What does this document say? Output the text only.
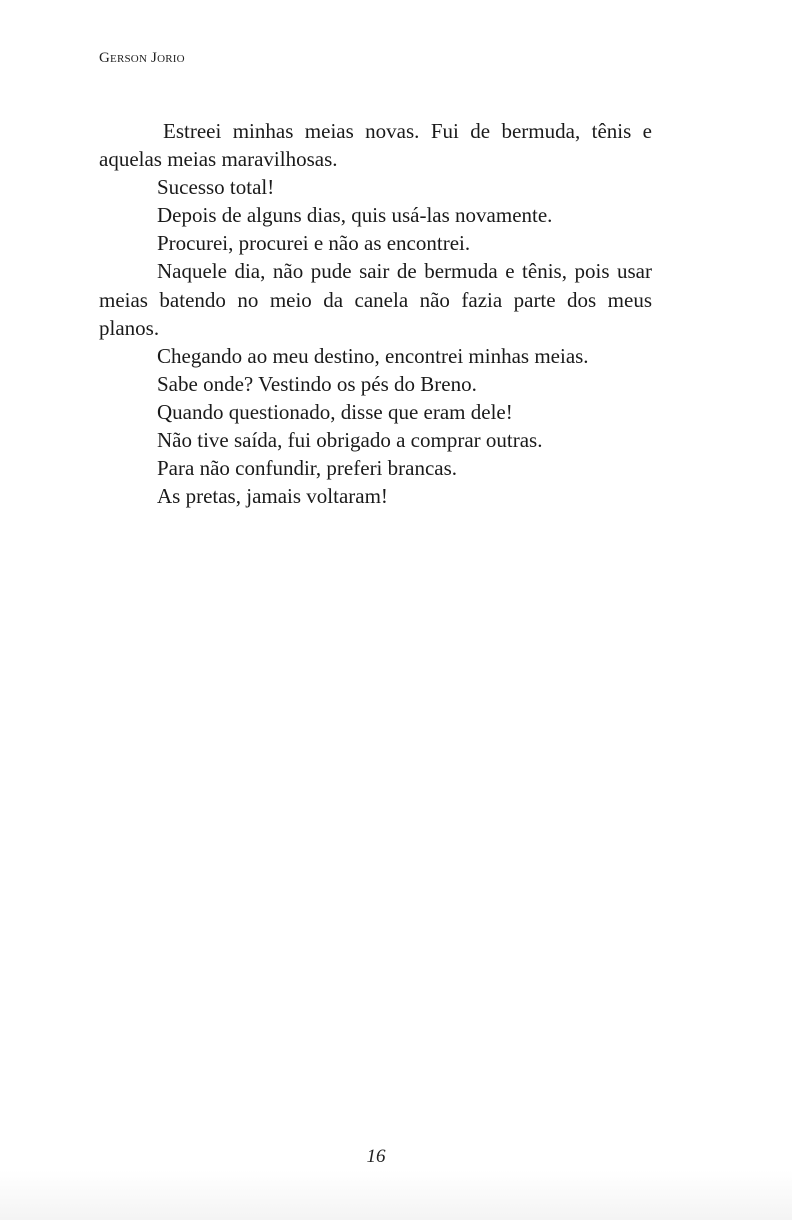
Gerson Jorio

Estreei minhas meias novas. Fui de bermuda, tênis e aquelas meias maravilhosas.

Sucesso total!

Depois de alguns dias, quis usá-las novamente.

Procurei, procurei e não as encontrei.

Naquele dia, não pude sair de bermuda e tênis, pois usar meias batendo no meio da canela não fazia parte dos meus planos.

Chegando ao meu destino, encontrei minhas meias.

Sabe onde? Vestindo os pés do Breno.

Quando questionado, disse que eram dele!

Não tive saída, fui obrigado a comprar outras.

Para não confundir, preferi brancas.

As pretas, jamais voltaram!

16
